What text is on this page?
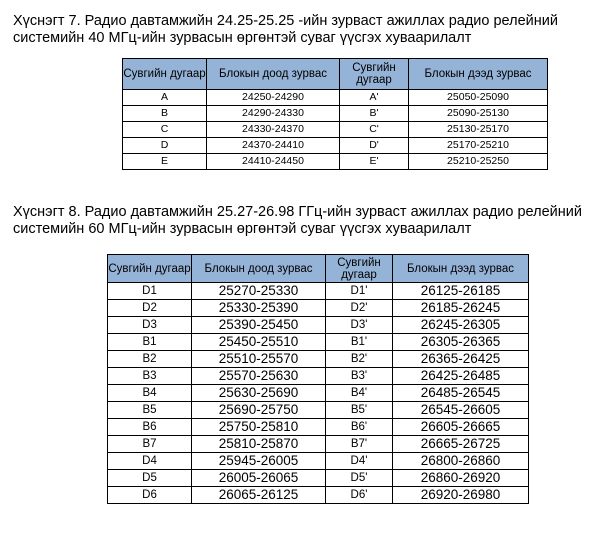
Хүснэгт 7. Радио давтамжийн 24.25-25.25 -ийн зурваст ажиллах радио релейний
системийн 40 МГц-ийн зурвасын өргөнтэй суваг үүсгэх хуваарилалт
Сувгийн дугаар	Блокын доод зурвас	Сувгийн дугаар	Блокын дээд зурвас
A	24250-24290	A'	25050-25090
B	24290-24330	B'	25090-25130
C	24330-24370	C'	25130-25170
D	24370-24410	D'	25170-25210
E	24410-24450	E'	25210-25250
Хүснэгт 8. Радио давтамжийн 25.27-26.98 ГГц-ийн зурваст ажиллах радио релейний
системийн 60 МГц-ийн зурвасын өргөнтэй суваг үүсгэх хуваарилалт
Сувгийн дугаар	Блокын доод зурвас	Сувгийн дугаар	Блокын дээд зурвас
D1	25270-25330	D1'	26125-26185
D2	25330-25390	D2'	26185-26245
D3	25390-25450	D3'	26245-26305
B1	25450-25510	B1'	26305-26365
B2	25510-25570	B2'	26365-26425
B3	25570-25630	B3'	26425-26485
B4	25630-25690	B4'	26485-26545
B5	25690-25750	B5'	26545-26605
B6	25750-25810	B6'	26605-26665
B7	25810-25870	B7'	26665-26725
D4	25945-26005	D4'	26800-26860
D5	26005-26065	D5'	26860-26920
D6	26065-26125	D6'	26920-26980
